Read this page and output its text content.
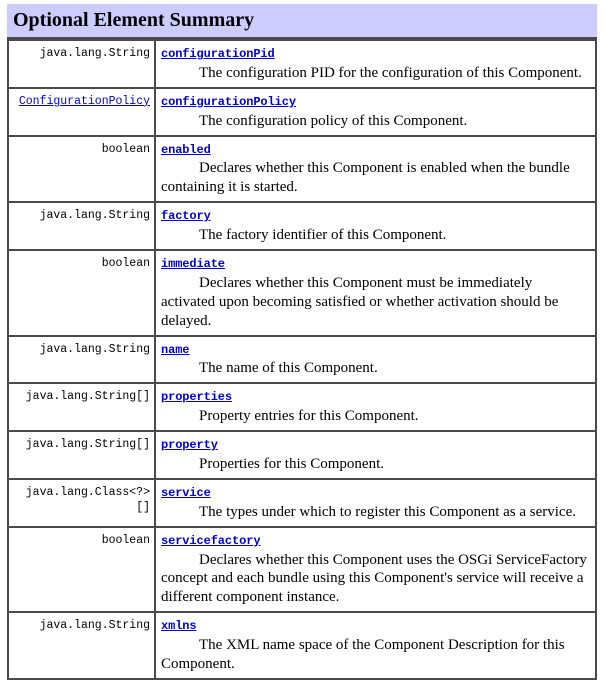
Optional Element Summary
java.lang.String	configurationPid
The configuration PID for the configuration of this Component.

ConfigurationPolicy	configurationPolicy
The configuration policy of this Component.

boolean	enabled
Declares whether this Component is enabled when the bundle containing it is started.

java.lang.String	factory
The factory identifier of this Component.

boolean	immediate
Declares whether this Component must be immediately activated upon becoming satisfied or whether activation should be delayed.

java.lang.String	name
The name of this Component.

java.lang.String[]	properties
Property entries for this Component.

java.lang.String[]	property
Properties for this Component.

java.lang.Class<?>[]	service
The types under which to register this Component as a service.

boolean	servicefactory
Declares whether this Component uses the OSGi ServiceFactory concept and each bundle using this Component's service will receive a different component instance.

java.lang.String	xmlns
The XML name space of the Component Description for this Component.
